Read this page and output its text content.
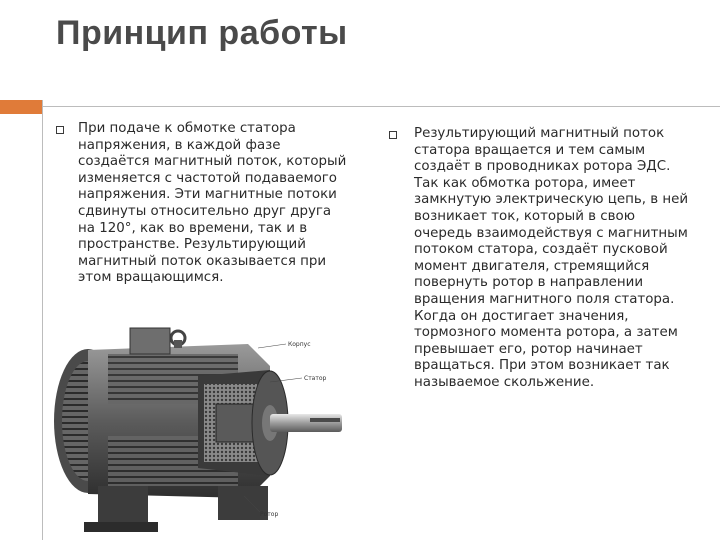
Принцип работы

При подаче к обмотке статора напряжения, в каждой фазе создаётся магнитный поток, который изменяется с частотой подаваемого напряжения. Эти магнитные потоки сдвинуты относительно друг друга на 120°, как во времени, так и в пространстве. Результирующий магнитный поток оказывается при этом вращающимся.

Результирующий магнитный поток статора вращается и тем самым создаёт в проводниках ротора ЭДС. Так как обмотка ротора, имеет замкнутую электрическую цепь, в ней возникает ток, который в свою очередь взаимодействуя с магнитным потоком статора, создаёт пусковой момент двигателя, стремящийся повернуть ротор в направлении вращения магнитного поля статора. Когда он достигает значения, тормозного момента ротора, а затем превышает его, ротор начинает вращаться. При этом возникает так называемое скольжение.

Корпус
Статор
Ротор
